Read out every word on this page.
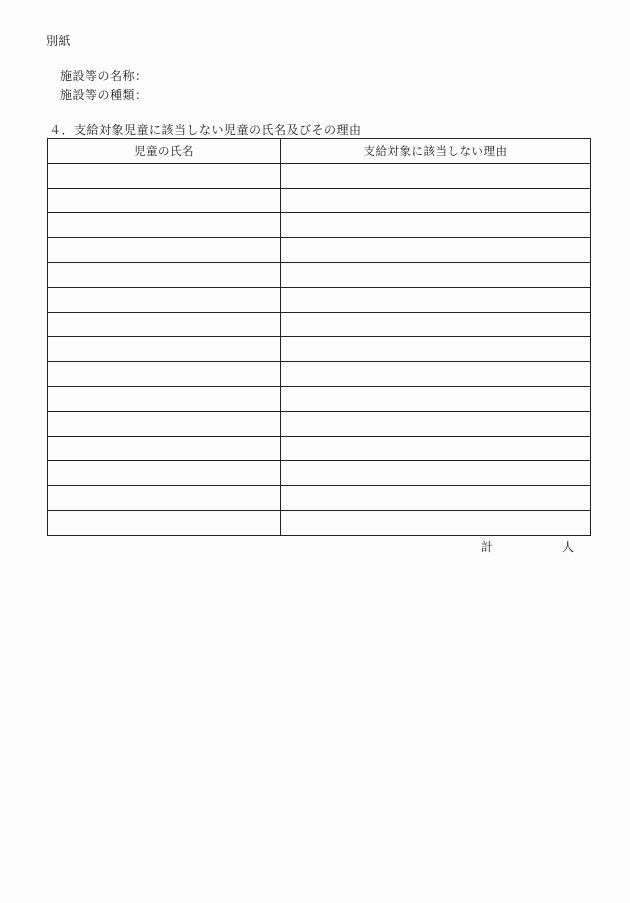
別紙
施設等の名称：
施設等の種類：
４．支給対象児童に該当しない児童の氏名及びその理由
児童の氏名	支給対象に該当しない理由

計	人
